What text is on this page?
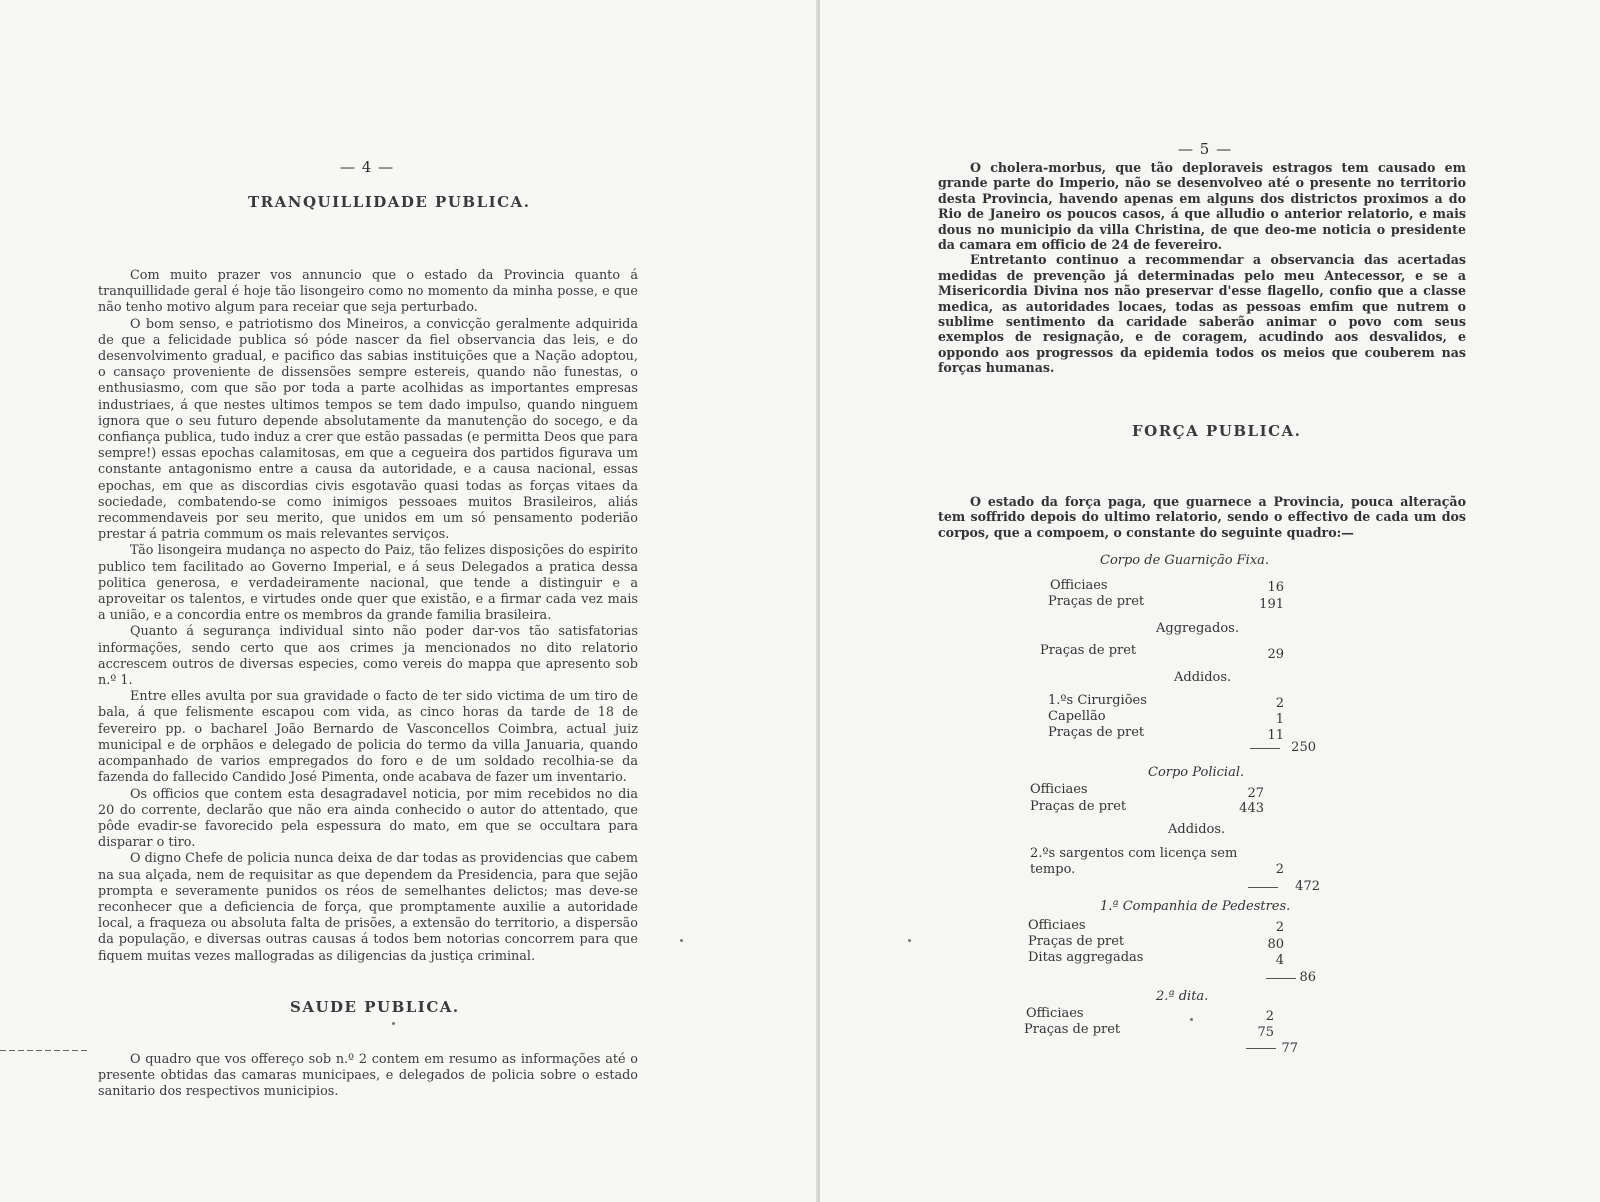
— 4 —
TRANQUILLIDADE PUBLICA.

Com muito prazer vos annuncio que o estado da Provincia quanto á tranquillidade geral é hoje tão lisongeiro como no momento da minha posse, e que não tenho motivo algum para receiar que seja perturbado.

O bom senso, e patriotismo dos Mineiros, a convicção geralmente adquirida de que a felicidade publica só póde nascer da fiel observancia das leis, e do desenvolvimento gradual, e pacifico das sabias instituições que a Nação adoptou, o cansaço proveniente de dissensões sempre estereis, quando não funestas, o enthusiasmo, com que são por toda a parte acolhidas as importantes empresas industriaes, á que nestes ultimos tempos se tem dado impulso, quando ninguem ignora que o seu futuro depende absolutamente da manutenção do socego, e da confiança publica, tudo induz a crer que estão passadas (e permitta Deos que para sempre!) essas epochas calamitosas, em que a cegueira dos partidos figurava um constante antagonismo entre a causa da autoridade, e a causa nacional, essas epochas, em que as discordias civis esgotavão quasi todas as forças vitaes da sociedade, combatendo-se como inimigos pessoaes muitos Brasileiros, aliás recommendaveis por seu merito, que unidos em um só pensamento poderião prestar á patria commum os mais relevantes serviços.

Tão lisongeira mudança no aspecto do Paiz, tão felizes disposições do espirito publico tem facilitado ao Governo Imperial, e á seus Delegados a pratica dessa politica generosa, e verdadeiramente nacional, que tende a distinguir e a aproveitar os talentos, e virtudes onde quer que existão, e a firmar cada vez mais a união, e a concordia entre os membros da grande familia brasileira.

Quanto á segurança individual sinto não poder dar-vos tão satisfatorias informações, sendo certo que aos crimes ja mencionados no dito relatorio accrescem outros de diversas especies, como vereis do mappa que apresento sob n.º 1.

Entre elles avulta por sua gravidade o facto de ter sido victima de um tiro de bala, á que felismente escapou com vida, as cinco horas da tarde de 18 de fevereiro pp. o bacharel João Bernardo de Vasconcellos Coimbra, actual juiz municipal e de orphãos e delegado de policia do termo da villa Januaria, quando acompanhado de varios empregados do foro e de um soldado recolhia-se da fazenda do fallecido Candido José Pimenta, onde acabava de fazer um inventario.

Os officios que contem esta desagradavel noticia, por mim recebidos no dia 20 do corrente, declarão que não era ainda conhecido o autor do attentado, que pôde evadir-se favorecido pela espessura do mato, em que se occultara para disparar o tiro.

O digno Chefe de policia nunca deixa de dar todas as providencias que cabem na sua alçada, nem de requisitar as que dependem da Presidencia, para que sejão prompta e severamente punidos os réos de semelhantes delictos; mas deve-se reconhecer que a deficiencia de força, que promptamente auxilie a autoridade local, a fraqueza ou absoluta falta de prisões, a extensão do territorio, a dispersão da população, e diversas outras causas á todos bem notorias concorrem para que fiquem muitas vezes mallogradas as diligencias da justiça criminal.

SAUDE PUBLICA.

O quadro que vos offereço sob n.º 2 contem em resumo as informações até o presente obtidas das camaras municipaes, e delegados de policia sobre o estado sanitario dos respectivos municipios.

— 5 —

O cholera-morbus, que tão deploraveis estragos tem causado em grande parte do Imperio, não se desenvolveo até o presente no territorio desta Provincia, havendo apenas em alguns dos districtos proximos a do Rio de Janeiro os poucos casos, á que alludio o anterior relatorio, e mais dous no municipio da villa Christina, de que deo-me noticia o presidente da camara em officio de 24 de fevereiro.

Entretanto continuo a recommendar a observancia das acertadas medidas de prevenção já determinadas pelo meu Antecessor, e se a Misericordia Divina nos não preservar d'esse flagello, confio que a classe medica, as autoridades locaes, todas as pessoas emfim que nutrem o sublime sentimento da caridade saberão animar o povo com seus exemplos de resignação, e de coragem, acudindo aos desvalidos, e oppondo aos progressos da epidemia todos os meios que couberem nas forças humanas.

FORÇA PUBLICA.

O estado da força paga, que guarnece a Provincia, pouca alteração tem soffrido depois do ultimo relatorio, sendo o effectivo de cada um dos corpos, que a compoem, o constante do seguinte quadro:—

Corpo de Guarnição Fixa.
Officiaes	16
Praças de pret	191
Aggregados.
Praças de pret	29
Addidos.
1.ºs Cirurgiões	2
Capellão	1
Praças de pret	11
250
Corpo Policial.
Officiaes	27
Praças de pret	443
Addidos.
2.ºs sargentos com licença sem tempo.	2
472
1.ª Companhia de Pedestres.
Officiaes	2
Praças de pret	80
Ditas aggregadas	4
86
2.ª dita.
Officiaes	2
Praças de pret	75
77
